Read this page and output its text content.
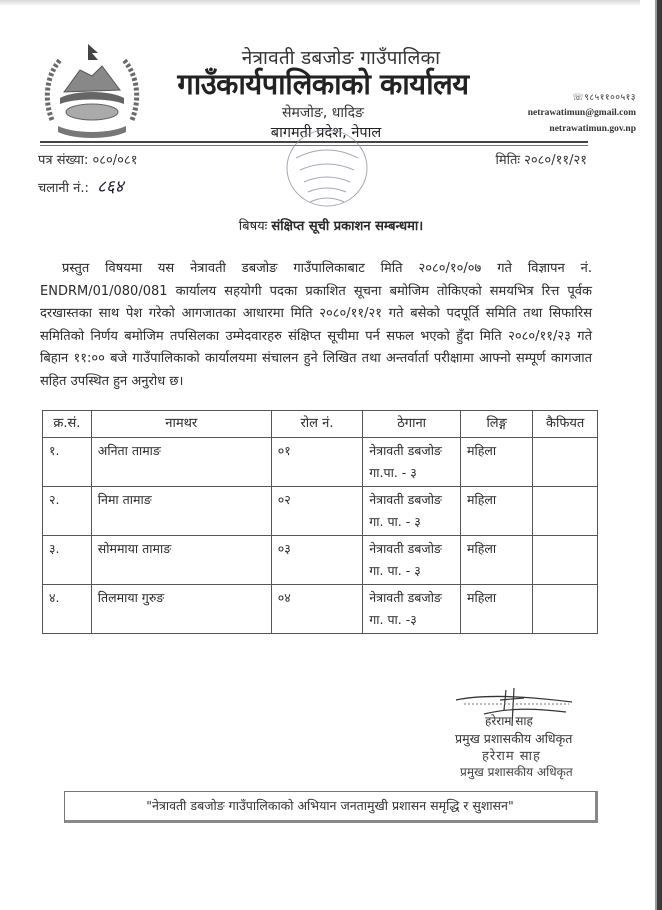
नेत्रावती डबजोङ गाउँपालिका
गाउँकार्यपालिकाको कार्यालय
सेमजोङ, धादिङ
बागमती प्रदेश, नेपाल
☏९८५११००५१३
netrawatimun@gmail.com
netrawatimun.gov.np
पत्र संख्या: ०८०/०८१
चलानी नं.: ८६४
मितिः २०८०/११/२१
बिषयः संक्षिप्त सूची प्रकाशन सम्बन्धमा।
प्रस्तुत विषयमा यस नेत्रावती डबजोङ गाउँपालिकाबाट मिति २०८०/१०/०७ गते विज्ञापन नं. ENDRM/01/080/081 कार्यालय सहयोगी पदका प्रकाशित सूचना बमोजिम तोकिएको समयभित्र रित्त पूर्वक दरखास्तका साथ पेश गरेको आगजातका आधारमा मिति २०८०/११/२१ गते बसेको पदपूर्ति समिति तथा सिफारिस समितिको निर्णय बमोजिम तपसिलका उम्मेदवारहरु संक्षिप्त सूचीमा पर्न सफल भएको हुँदा मिति २०८०/११/२३ गते बिहान ११:०० बजे गाउँपालिकाको कार्यालयमा संचालन हुने लिखित तथा अन्तर्वार्ता परीक्षामा आफ्नो सम्पूर्ण कागजात सहित उपस्थित हुन अनुरोध छ।
क्र.सं.	नामथर	रोल नं.	ठेगाना	लिङ्ग	कैफियत
१.	अनिता तामाङ	०१	नेत्रावती डबजोङ
गा.पा. - ३	महिला	
२.	निमा तामाङ	०२	नेत्रावती डबजोङ
गा. पा. - ३	महिला	
३.	सोममाया तामाङ	०३	नेत्रावती डबजोङ
गा. पा. - ३	महिला	
४.	तिलमाया गुरुङ	०४	नेत्रावती डबजोङ
गा. पा. -३	महिला	
हरेराम साह
प्रमुख प्रशासकीय अधिकृत
हरेराम साह
प्रमुख प्रशासकीय अधिकृत
"नेत्रावती डबजोङ गाउँपालिकाको अभियान जनतामुखी प्रशासन समृद्धि र सुशासन"
